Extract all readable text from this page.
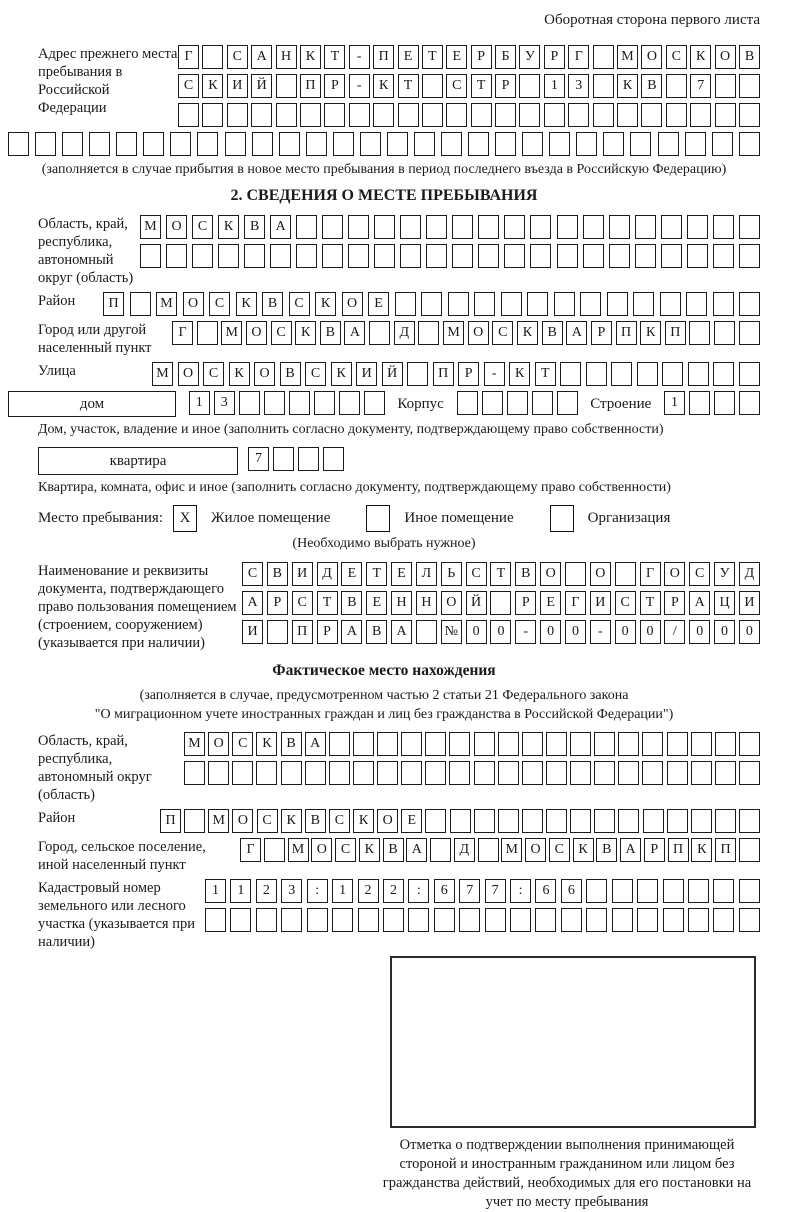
Оборотная сторона первого листа
Адрес прежнего места пребывания в Российской Федерации
Г	С	А	Н	К	Т	-	П	Е	Т	Е	Р	Б	У	Р	Г	М О	С	К	О	В
С	К	И	Й	П	Р	-	К	Т	С	Т	Р	1	3	К	В	7
(заполняется в случае прибытия в новое место пребывания в период последнего въезда в Российскую Федерацию)
2. СВЕДЕНИЯ О МЕСТЕ ПРЕБЫВАНИЯ
Область, край, республика, автономный округ (область)
М	О	С	К	В	А
Район	П	М	О	С	К	В	С	К	О	Е
Город или другой населенный пункт
Г	М О	С	К	В	А	Д	М О	С	К	В	А	Р	П	К	П
Улица	М	О	С	К	О	В	С	К	И	Й	П	Р	-	К	Т
дом	1	3	Корпус	Строение	1
Дом, участок, владение и иное (заполнить согласно документу, подтверждающему право собственности)
квартира	7
Квартира, комната, офис и иное (заполнить согласно документу, подтверждающему право собственности)
Место пребывания:	X	Жилое помещение	Иное помещение	Организация
(Необходимо выбрать нужное)
Наименование и реквизиты документа, подтверждающего право пользования помещением (строением, сооружением) (указывается при наличии)
С	В	И	Д	Е	Т	Е	Л	Ь	С	Т	В	О	О	Г	О	С	У	Д
А	Р	С	Т	В	Е	Н	Н	О	Й	Р	Е	Г	И	С	Т	Р	А	Ц	И
И	П	Р	А	В	А	№	0	0	-	0	0	-	0	0	/	0	0	0
Фактическое место нахождения
(заполняется в случае, предусмотренном частью 2 статьи 21 Федерального закона
"О миграционном учете иностранных граждан и лиц без гражданства в Российской Федерации")
Область, край, республика, автономный округ (область)
М О	С	К	В	А
Район	П	М О	С	К	В	С	К	О	Е
Город, сельское поселение, иной населенный пункт
Г	М О	С	К	В	А	Д	М О	С	К	В	А	Р	П	К	П
Кадастровый номер земельного или лесного участка (указывается при наличии)
1	1	2	3	:	1	2	2	:	6	7	7	:	6	6
Отметка о подтверждении выполнения принимающей стороной и иностранным гражданином или лицом без гражданства действий, необходимых для его постановки на учет по месту пребывания
